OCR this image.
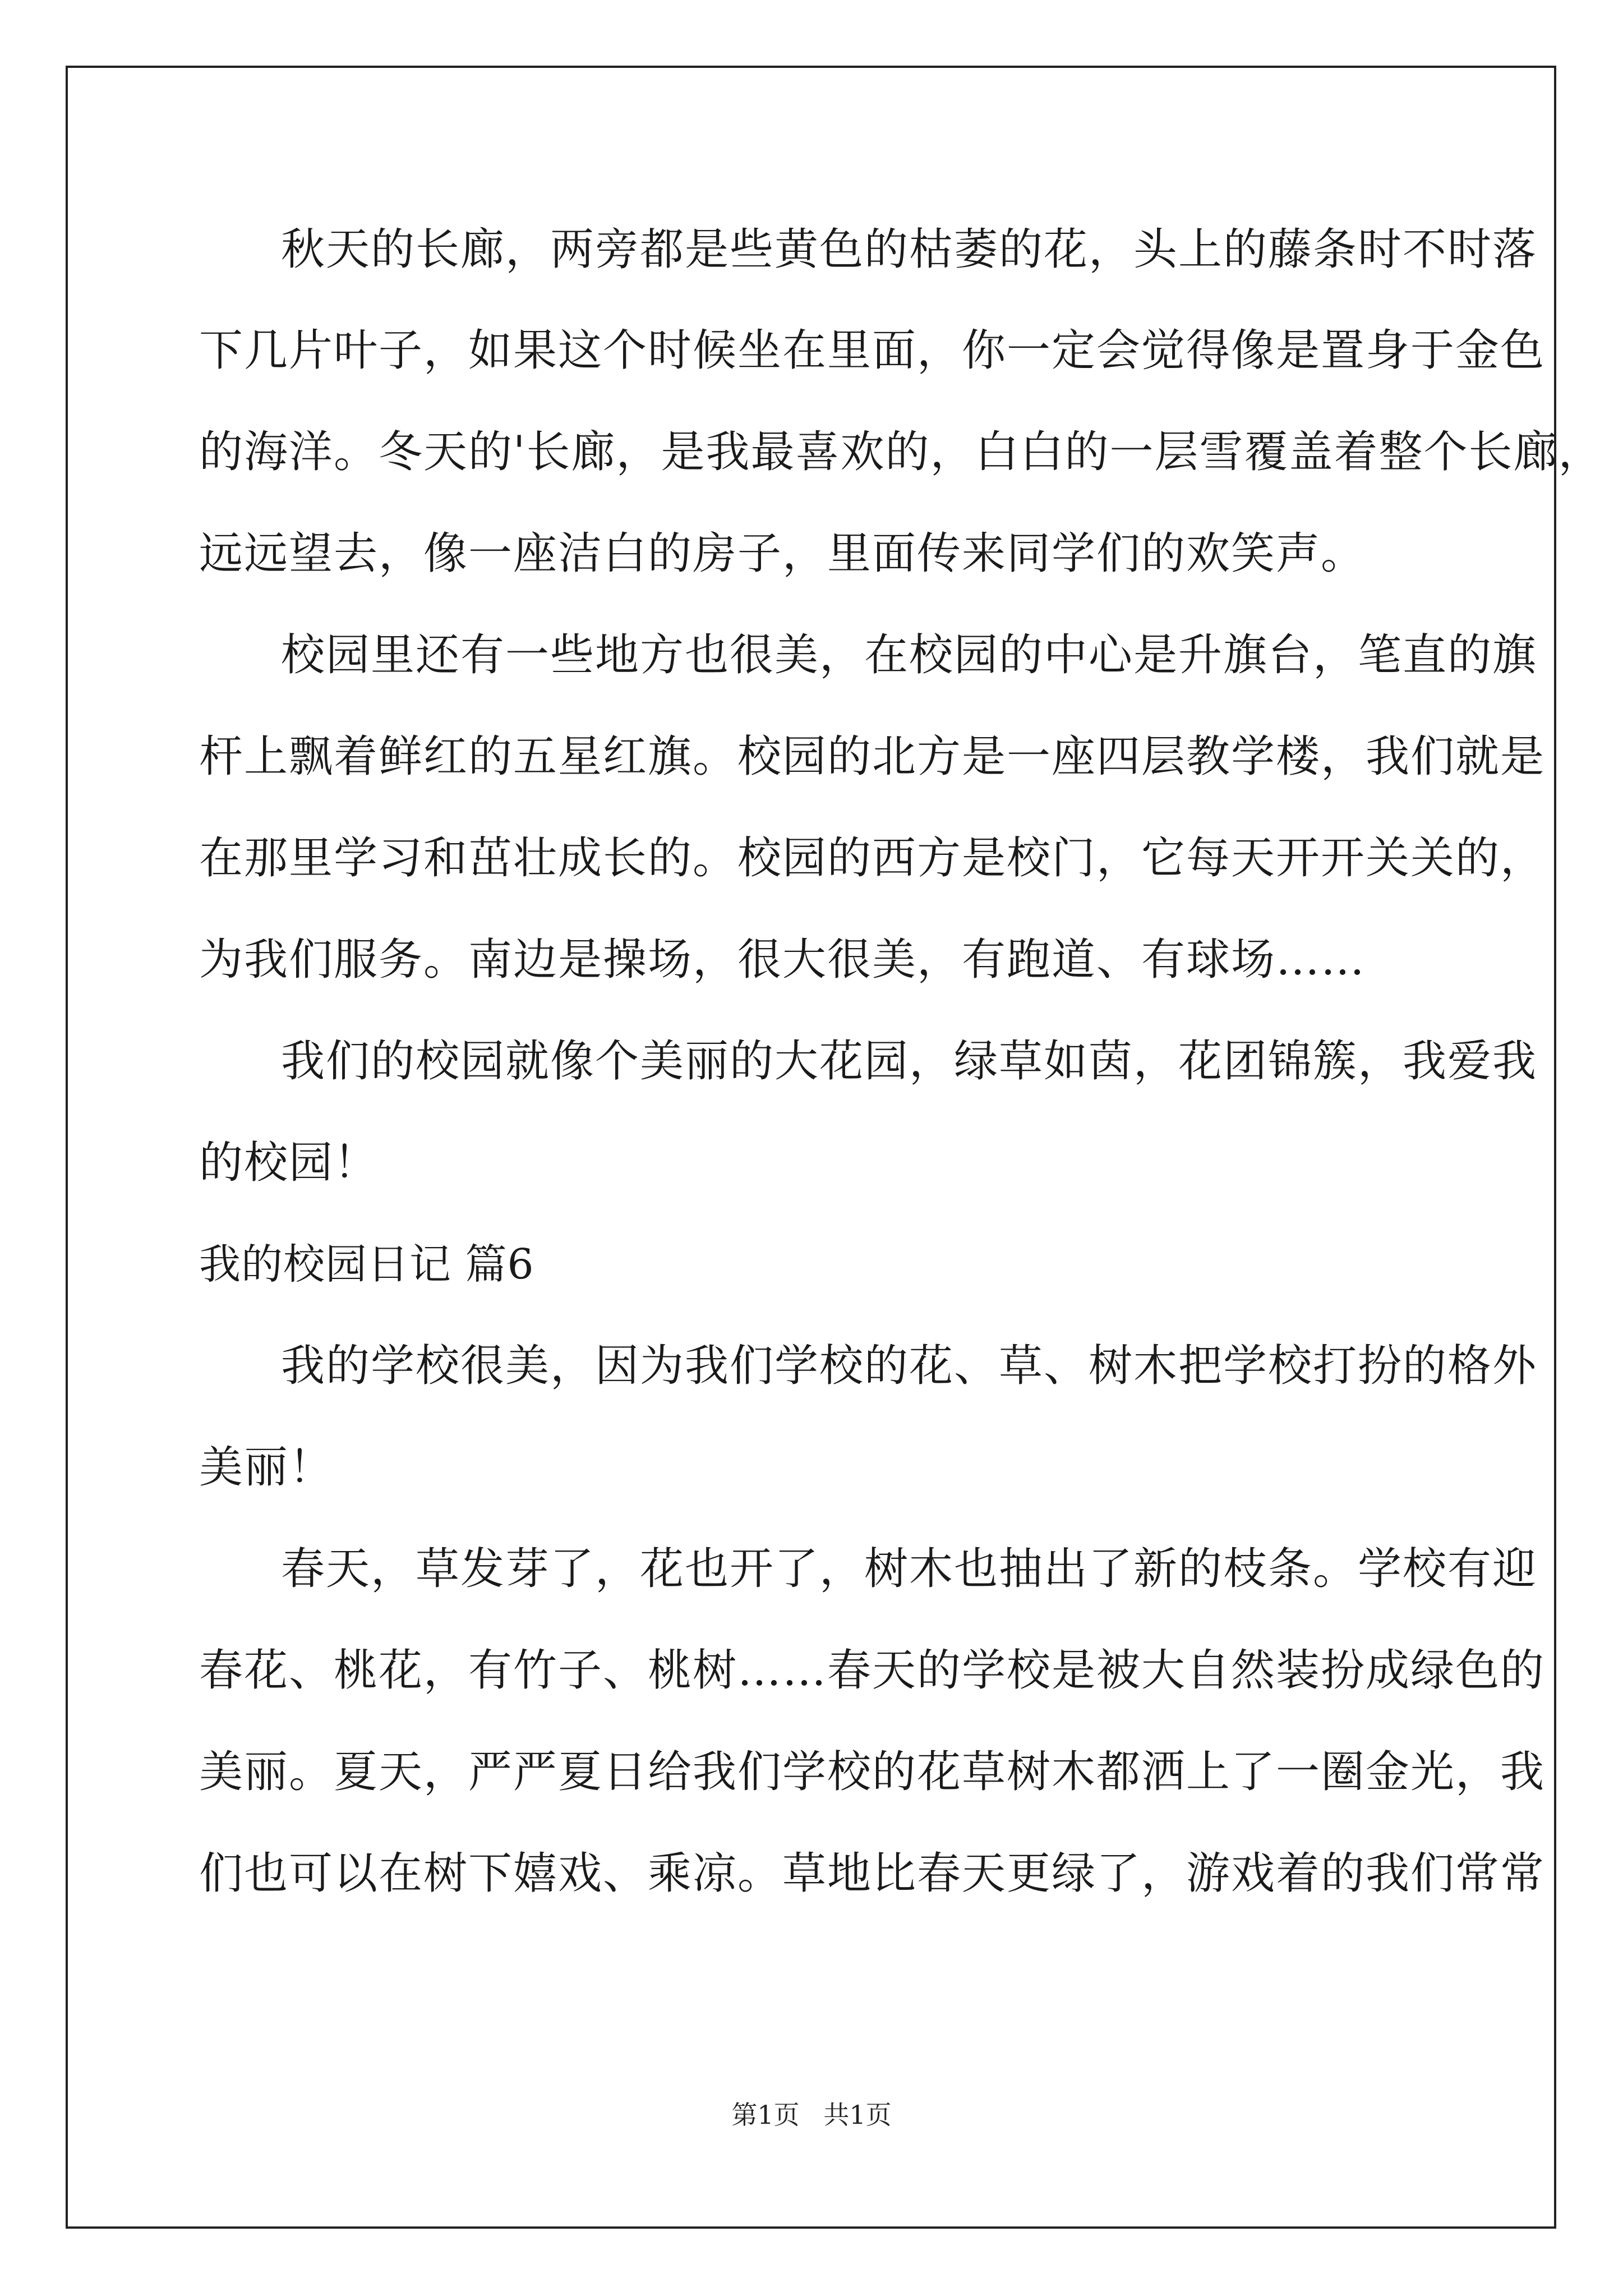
秋天的长廊，两旁都是些黄色的枯萎的花，头上的藤条时不时落
下几片叶子，如果这个时候坐在里面，你一定会觉得像是置身于金色
的海洋。冬天的'长廊，是我最喜欢的，白白的一层雪覆盖着整个长廊，
远远望去，像一座洁白的房子，里面传来同学们的欢笑声。
校园里还有一些地方也很美，在校园的中心是升旗台，笔直的旗
杆上飘着鲜红的五星红旗。校园的北方是一座四层教学楼，我们就是
在那里学习和茁壮成长的。校园的西方是校门，它每天开开关关的，
为我们服务。南边是操场，很大很美，有跑道、有球场……
我们的校园就像个美丽的大花园，绿草如茵，花团锦簇，我爱我
的校园！
我的校园日记 篇6
我的学校很美，因为我们学校的花、草、树木把学校打扮的格外
美丽！
春天，草发芽了，花也开了，树木也抽出了新的枝条。学校有迎
春花、桃花，有竹子、桃树……春天的学校是被大自然装扮成绿色的
美丽。夏天，严严夏日给我们学校的花草树木都洒上了一圈金光，我
们也可以在树下嬉戏、乘凉。草地比春天更绿了，游戏着的我们常常
第1页 共1页
